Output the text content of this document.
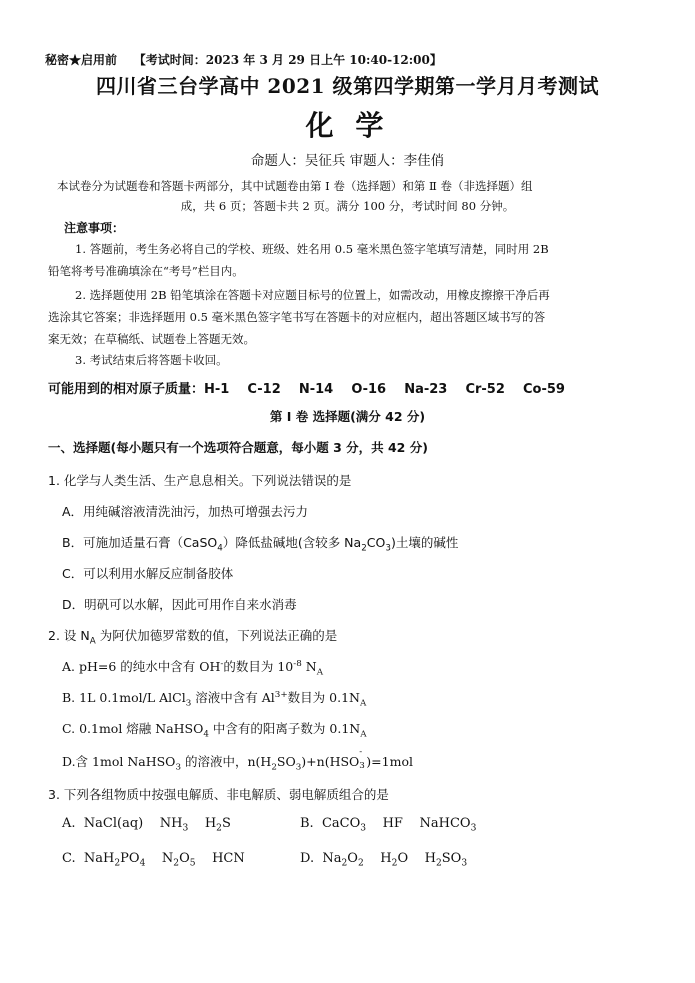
秘密★启用前 【考试时间：2023 年 3 月 29 日上午 10:40-12:00】
四川省三台学高中 2021 级第四学期第一学月月考测试
化 学
命题人：吴征兵 审题人：李佳俏
本试卷分为试题卷和答题卡两部分，其中试题卷由第 Ⅰ 卷（选择题）和第 Ⅱ 卷（非选择题）组
成，共 6 页；答题卡共 2 页。满分 100 分，考试时间 80 分钟。
注意事项：
1. 答题前，考生务必将自己的学校、班级、姓名用 0.5 毫米黑色签字笔填写清楚，同时用 2B
铅笔将考号准确填涂在“考号”栏目内。
2. 选择题使用 2B 铅笔填涂在答题卡对应题目标号的位置上，如需改动，用橡皮擦擦干净后再
选涂其它答案；非选择题用 0.5 毫米黑色签字笔书写在答题卡的对应框内，超出答题区域书写的答
案无效；在草稿纸、试题卷上答题无效。
3. 考试结束后将答题卡收回。
可能用到的相对原子质量：H-1    C-12    N-14    O-16    Na-23    Cr-52    Co-59
第 Ⅰ 卷 选择题(满分 42 分)
一、选择题(每小题只有一个选项符合题意，每小题 3 分，共 42 分)
1. 化学与人类生活、生产息息相关。下列说法错误的是
A．用纯碱溶液清洗油污，加热可增强去污力
B．可施加适量石膏（CaSO$_4$）降低盐碱地(含较多 $Na_2CO_3$)土壤的碱性
C．可以利用水解反应制备胶体
D．明矾可以水解，因此可用作自来水消毒
2. 设 $N_A$ 为阿伏加德罗常数的值，下列说法正确的是
A. pH=6 的纯水中含有 OH-的数目为 $10^{-8}$ $N_A$
B. 1L 0.1mol/L AlCl$_3$ 溶液中含有 $Al^{3+}$数目为 $0.1N_A$
C. 0.1mol 熔融 NaHSO$_4$ 中含有的阳离子数为 $0.1N_A$
D.含 1mol NaHSO$_3$ 的溶液中，$n(H_2SO_3)+n(HSO$
-
3 )=1mol
3. 下列各组物质中按强电解质、非电解质、弱电解质组合的是
A. NaCl(aq) $NH_3$ $H_2S$	B. CaCO$_3$ HF NaHCO$_3$
C. $NaH_2PO_4$ $N_2O_5$ HCN	D. $Na_2O_2$ $H_2O$ $H_2SO_3$
